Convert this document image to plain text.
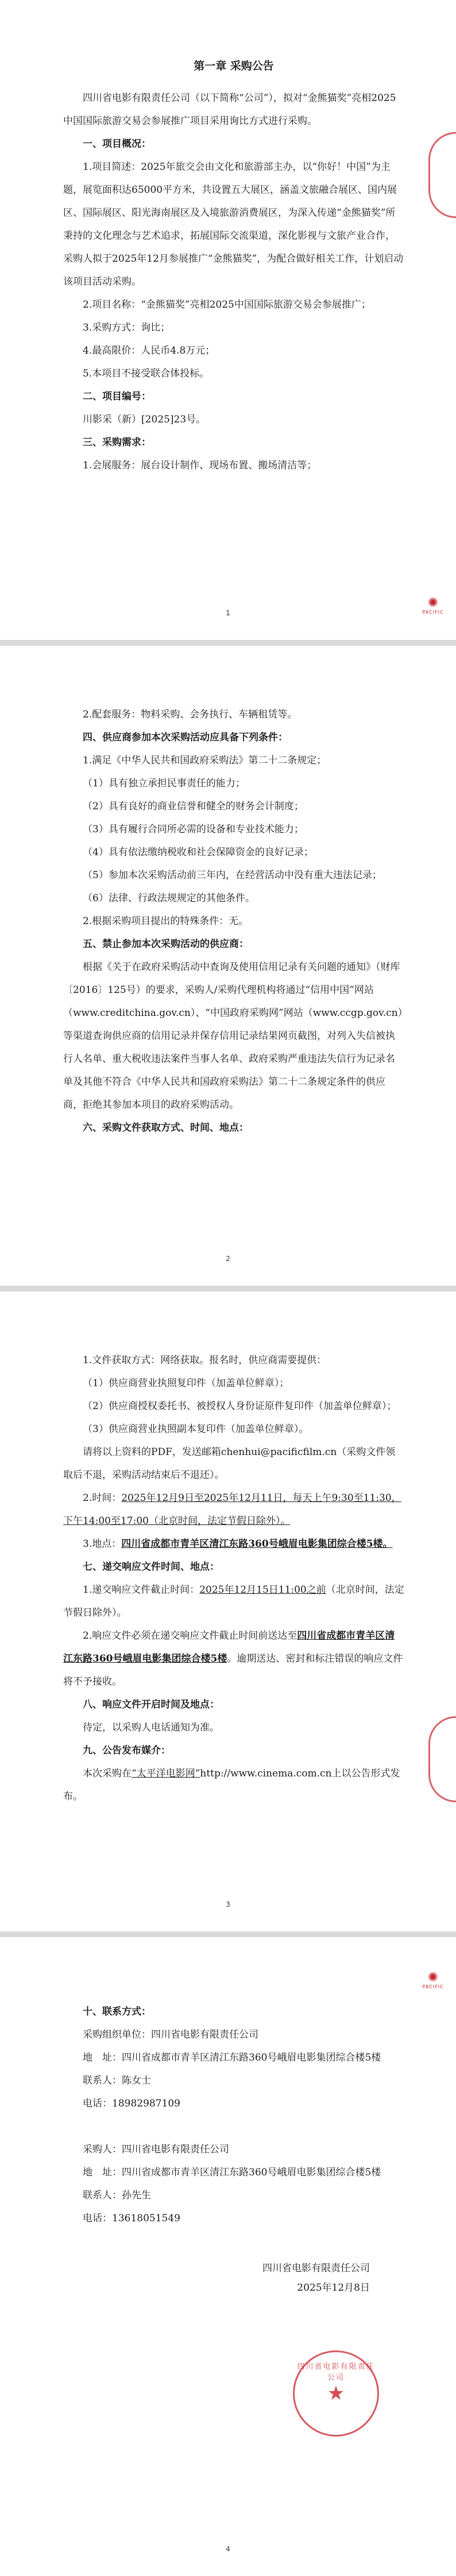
第一章 采购公告

四川省电影有限责任公司（以下简称“公司”），拟对“金熊猫奖”亮相2025中国国际旅游交易会参展推广项目采用询比方式进行采购。

一、项目概况：

1.项目简述：2025年旅交会由文化和旅游部主办，以“你好！中国”为主题，展览面积达65000平方米，共设置五大展区，涵盖文旅融合展区、国内展区、国际展区、阳光海南展区及入境旅游消费展区，为深入传递“金熊猫奖”所秉持的文化理念与艺术追求，拓展国际交流渠道，深化影视与文旅产业合作，采购人拟于2025年12月参展推广“金熊猫奖”，为配合做好相关工作，计划启动该项目活动采购。

2.项目名称：“金熊猫奖”亮相2025中国国际旅游交易会参展推广；

3.采购方式：询比；

4.最高限价：人民币4.8万元；

5.本项目不接受联合体投标。

二、项目编号：

川影采（新）[2025]23号。

三、采购需求：

1.会展服务：展台设计制作、现场布置、搬场清洁等；

✺
PACIFIC
1

2.配套服务：物料采购、会务执行、车辆租赁等。

四、供应商参加本次采购活动应具备下列条件：

1.满足《中华人民共和国政府采购法》第二十二条规定；

（1）具有独立承担民事责任的能力；

（2）具有良好的商业信誉和健全的财务会计制度；

（3）具有履行合同所必需的设备和专业技术能力；

（4）具有依法缴纳税收和社会保障资金的良好记录；

（5）参加本次采购活动前三年内，在经营活动中没有重大违法记录；

（6）法律、行政法规规定的其他条件。

2.根据采购项目提出的特殊条件：无。

五、禁止参加本次采购活动的供应商：

根据《关于在政府采购活动中查询及使用信用记录有关问题的通知》（财库〔2016〕125号）的要求，采购人/采购代理机构将通过“信用中国”网站（www.creditchina.gov.cn）、“中国政府采购网”网站（www.ccgp.gov.cn）等渠道查询供应商的信用记录并保存信用记录结果网页截图，对列入失信被执行人名单、重大税收违法案件当事人名单、政府采购严重违法失信行为记录名单及其他不符合《中华人民共和国政府采购法》第二十二条规定条件的供应商，拒绝其参加本项目的政府采购活动。

六、采购文件获取方式、时间、地点：

2

1.文件获取方式：网络获取。报名时，供应商需要提供：

（1）供应商营业执照复印件（加盖单位鲜章）；

（2）供应商授权委托书、被授权人身份证原件复印件（加盖单位鲜章）；

（3）供应商营业执照副本复印件（加盖单位鲜章）。

请将以上资料的PDF，发送邮箱chenhui@pacificfilm.cn（采购文件领取后不退，采购活动结束后不退还）。

2.时间：2025年12月9日至2025年12月11日，每天上午9:30至11:30，下午14:00至17:00（北京时间，法定节假日除外）。

3.地点：四川省成都市青羊区清江东路360号峨眉电影集团综合楼5楼。

七、递交响应文件时间、地点：

1.递交响应文件截止时间：2025年12月15日11:00之前（北京时间，法定节假日除外）。

2.响应文件必须在递交响应文件截止时间前送达至四川省成都市青羊区清江东路360号峨眉电影集团综合楼5楼。逾期送达、密封和标注错误的响应文件将不予接收。

八、响应文件开启时间及地点：

待定，以采购人电话通知为准。

九、公告发布媒介：

本次采购在“太平洋电影网”http://www.cinema.com.cn上以公告形式发布。

3

十、联系方式：

采购组织单位：四川省电影有限责任公司

地　址：四川省成都市青羊区清江东路360号峨眉电影集团综合楼5楼

联系人：陈女士

电话：18982987109

采购人：四川省电影有限责任公司

地　址：四川省成都市青羊区清江东路360号峨眉电影集团综合楼5楼

联系人：孙先生

电话：13618051549

四川省电影有限责任公司
2025年12月8日
四川省电影有限责任公司
★
✺
PACIFIC
4
